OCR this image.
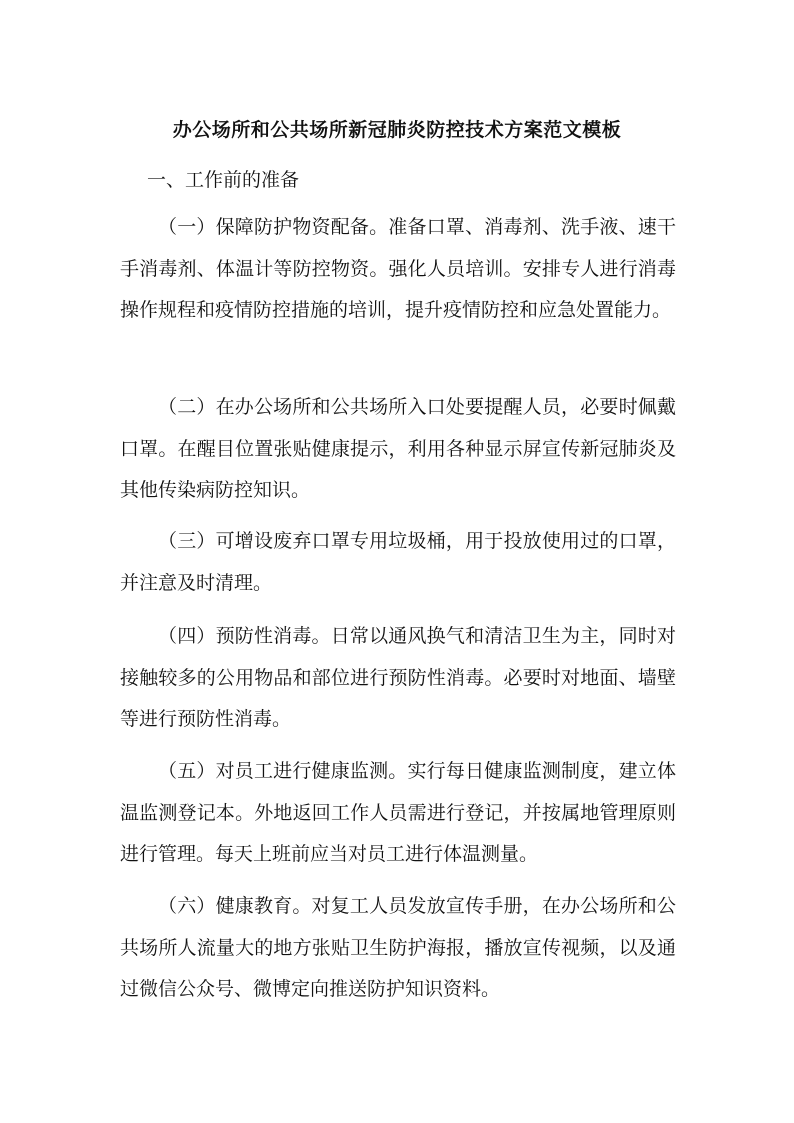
办公场所和公共场所新冠肺炎防控技术方案范文模板
一、工作前的准备

（一）保障防护物资配备。准备口罩、消毒剂、洗手液、速干手消毒剂、体温计等防控物资。强化人员培训。安排专人进行消毒操作规程和疫情防控措施的培训，提升疫情防控和应急处置能力。

（二）在办公场所和公共场所入口处要提醒人员，必要时佩戴口罩。在醒目位置张贴健康提示，利用各种显示屏宣传新冠肺炎及其他传染病防控知识。

（三）可增设废弃口罩专用垃圾桶，用于投放使用过的口罩，并注意及时清理。

（四）预防性消毒。日常以通风换气和清洁卫生为主，同时对接触较多的公用物品和部位进行预防性消毒。必要时对地面、墙壁等进行预防性消毒。

（五）对员工进行健康监测。实行每日健康监测制度，建立体温监测登记本。外地返回工作人员需进行登记，并按属地管理原则进行管理。每天上班前应当对员工进行体温测量。

（六）健康教育。对复工人员发放宣传手册，在办公场所和公共场所人流量大的地方张贴卫生防护海报，播放宣传视频，以及通过微信公众号、微博定向推送防护知识资料。
